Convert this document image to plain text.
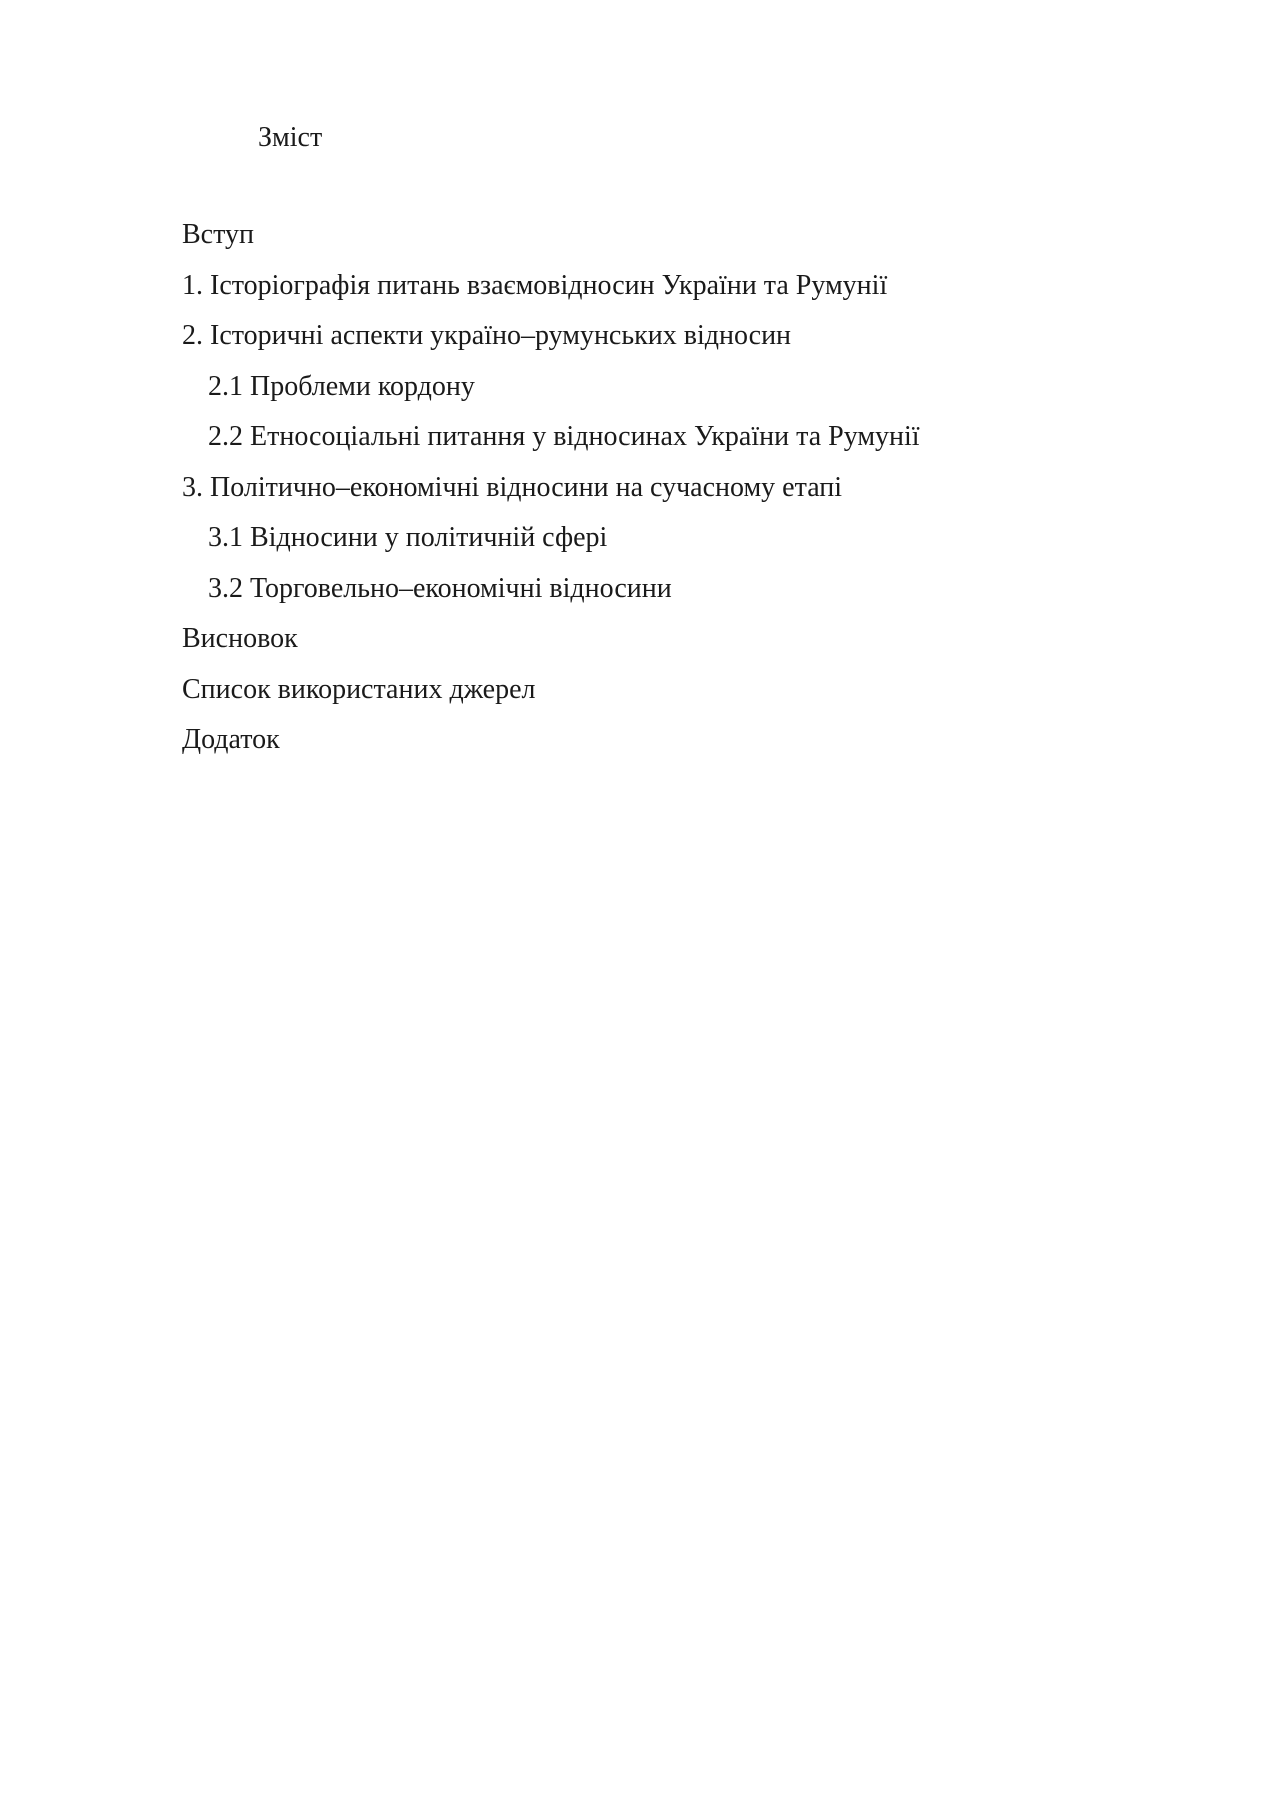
Зміст
Вступ
1. Історіографія питань взаємовідносин України та Румунії
2. Історичні аспекти україно–румунських відносин
2.1 Проблеми кордону
2.2 Етносоціальні питання у відносинах України та Румунії
3. Політично–економічні відносини на сучасному етапі
3.1 Відносини у політичній сфері
3.2 Торговельно–економічні відносини
Висновок
Список використаних джерел
Додаток
